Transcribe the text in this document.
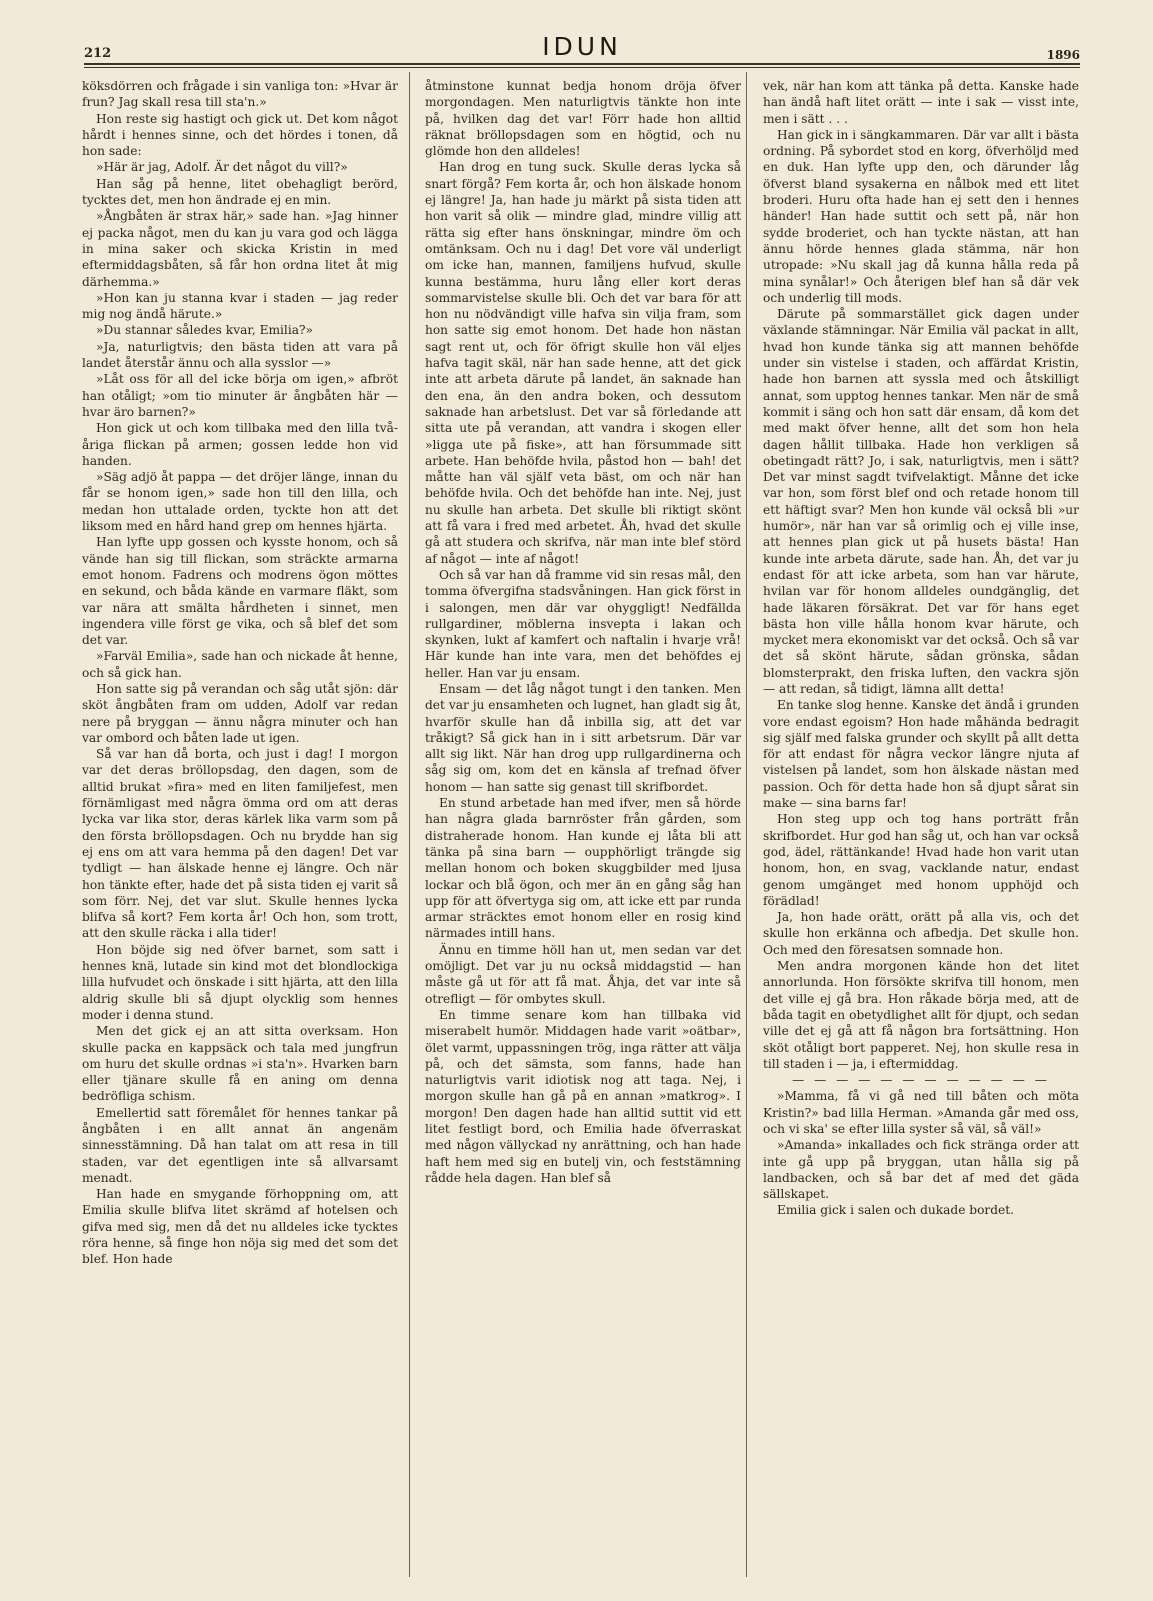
212	IDUN	1896

köksdörren och frågade i sin vanliga ton: »Hvar är frun? Jag skall resa till sta'n.»

Hon reste sig hastigt och gick ut. Det kom något hårdt i hennes sinne, och det hördes i tonen, då hon sade:

»Här är jag, Adolf. Är det något du vill?»

Han såg på henne, litet obehagligt berörd, tycktes det, men hon ändrade ej en min.

»Ångbåten är strax här,» sade han. »Jag hinner ej packa något, men du kan ju vara god och lägga in mina saker och skicka Kristin in med eftermiddagsbåten, så får hon ordna litet åt mig därhemma.»

»Hon kan ju stanna kvar i staden — jag reder mig nog ändå härute.»

»Du stannar således kvar, Emilia?»

»Ja, naturligtvis; den bästa tiden att vara på landet återstår ännu och alla sysslor —»

»Låt oss för all del icke börja om igen,» afbröt han otåligt; »om tio minuter är ångbåten här — hvar äro barnen?»

Hon gick ut och kom tillbaka med den lilla två-åriga flickan på armen; gossen ledde hon vid handen.

»Säg adjö åt pappa — det dröjer länge, innan du får se honom igen,» sade hon till den lilla, och medan hon uttalade orden, tyckte hon att det liksom med en hård hand grep om hennes hjärta.

Han lyfte upp gossen och kysste honom, och så vände han sig till flickan, som sträckte armarna emot honom. Fadrens och modrens ögon möttes en sekund, och båda kände en varmare fläkt, som var nära att smälta hårdheten i sinnet, men ingendera ville först ge vika, och så blef det som det var.

»Farväl Emilia», sade han och nickade åt henne, och så gick han.

Hon satte sig på verandan och såg utåt sjön: där sköt ångbåten fram om udden, Adolf var redan nere på bryggan — ännu några minuter och han var ombord och båten lade ut igen.

Så var han då borta, och just i dag! I morgon var det deras bröllopsdag, den dagen, som de alltid brukat »fira» med en liten familjefest, men förnämligast med några ömma ord om att deras lycka var lika stor, deras kärlek lika varm som på den första bröllopsdagen. Och nu brydde han sig ej ens om att vara hemma på den dagen! Det var tydligt — han älskade henne ej längre. Och när hon tänkte efter, hade det på sista tiden ej varit så som förr. Nej, det var slut. Skulle hennes lycka blifva så kort? Fem korta år! Och hon, som trott, att den skulle räcka i alla tider!

Hon böjde sig ned öfver barnet, som satt i hennes knä, lutade sin kind mot det blondlockiga lilla hufvudet och önskade i sitt hjärta, att den lilla aldrig skulle bli så djupt olycklig som hennes moder i denna stund.

Men det gick ej an att sitta overksam. Hon skulle packa en kappsäck och tala med jungfrun om huru det skulle ordnas »i sta'n». Hvarken barn eller tjänare skulle få en aning om denna bedröfliga schism.

Emellertid satt föremålet för hennes tankar på ångbåten i en allt annat än angenäm sinnesstämning. Då han talat om att resa in till staden, var det egentligen inte så allvarsamt menadt.

Han hade en smygande förhoppning om, att Emilia skulle blifva litet skrämd af hotelsen och gifva med sig, men då det nu alldeles icke tycktes röra henne, så finge hon nöja sig med det som det blef. Hon hade

åtminstone kunnat bedja honom dröja öfver morgondagen. Men naturligtvis tänkte hon inte på, hvilken dag det var! Förr hade hon alltid räknat bröllopsdagen som en högtid, och nu glömde hon den alldeles!

Han drog en tung suck. Skulle deras lycka så snart förgå? Fem korta år, och hon älskade honom ej längre! Ja, han hade ju märkt på sista tiden att hon varit så olik — mindre glad, mindre villig att rätta sig efter hans önskningar, mindre öm och omtänksam. Och nu i dag! Det vore väl underligt om icke han, mannen, familjens hufvud, skulle kunna bestämma, huru lång eller kort deras sommarvistelse skulle bli. Och det var bara för att hon nu nödvändigt ville hafva sin vilja fram, som hon satte sig emot honom. Det hade hon nästan sagt rent ut, och för öfrigt skulle hon väl eljes hafva tagit skäl, när han sade henne, att det gick inte att arbeta därute på landet, än saknade han den ena, än den andra boken, och dessutom saknade han arbetslust. Det var så förledande att sitta ute på verandan, att vandra i skogen eller »ligga ute på fiske», att han försummade sitt arbete. Han behöfde hvila, påstod hon — bah! det måtte han väl själf veta bäst, om och när han behöfde hvila. Och det behöfde han inte. Nej, just nu skulle han arbeta. Det skulle bli riktigt skönt att få vara i fred med arbetet. Åh, hvad det skulle gå att studera och skrifva, när man inte blef störd af något — inte af något!

Och så var han då framme vid sin resas mål, den tomma öfvergifna stadsvåningen. Han gick först in i salongen, men där var ohyggligt! Nedfällda rullgardiner, möblerna insvepta i lakan och skynken, lukt af kamfert och naftalin i hvarje vrå! Här kunde han inte vara, men det behöfdes ej heller. Han var ju ensam.

Ensam — det låg något tungt i den tanken. Men det var ju ensamheten och lugnet, han gladt sig åt, hvarför skulle han då inbilla sig, att det var tråkigt? Så gick han in i sitt arbetsrum. Där var allt sig likt. När han drog upp rullgardinerna och såg sig om, kom det en känsla af trefnad öfver honom — han satte sig genast till skrifbordet.

En stund arbetade han med ifver, men så hörde han några glada barnröster från gården, som distraherade honom. Han kunde ej låta bli att tänka på sina barn — oupphörligt trängde sig mellan honom och boken skuggbilder med ljusa lockar och blå ögon, och mer än en gång såg han upp för att öfvertyga sig om, att icke ett par runda armar sträcktes emot honom eller en rosig kind närmades intill hans.

Ännu en timme höll han ut, men sedan var det omöjligt. Det var ju nu också middagstid — han måste gå ut för att få mat. Åhja, det var inte så otrefligt — för ombytes skull.

En timme senare kom han tillbaka vid miserabelt humör. Middagen hade varit »oätbar», ölet varmt, uppassningen trög, inga rätter att välja på, och det sämsta, som fanns, hade han naturligtvis varit idiotisk nog att taga. Nej, i morgon skulle han gå på en annan »matkrog». I morgon! Den dagen hade han alltid suttit vid ett litet festligt bord, och Emilia hade öfverraskat med någon vällyckad ny anrättning, och han hade haft hem med sig en butelj vin, och feststämning rådde hela dagen. Han blef så

vek, när han kom att tänka på detta. Kanske hade han ändå haft litet orätt — inte i sak — visst inte, men i sätt . . .

Han gick in i sängkammaren. Där var allt i bästa ordning. På sybordet stod en korg, öfverhöljd med en duk. Han lyfte upp den, och därunder låg öfverst bland sysakerna en nålbok med ett litet broderi. Huru ofta hade han ej sett den i hennes händer! Han hade suttit och sett på, när hon sydde broderiet, och han tyckte nästan, att han ännu hörde hennes glada stämma, när hon utropade: »Nu skall jag då kunna hålla reda på mina synålar!» Och återigen blef han så där vek och underlig till mods.

Därute på sommarstället gick dagen under växlande stämningar. När Emilia väl packat in allt, hvad hon kunde tänka sig att mannen behöfde under sin vistelse i staden, och affärdat Kristin, hade hon barnen att syssla med och åtskilligt annat, som upptog hennes tankar. Men när de små kommit i säng och hon satt där ensam, då kom det med makt öfver henne, allt det som hon hela dagen hållit tillbaka. Hade hon verkligen så obetingadt rätt? Jo, i sak, naturligtvis, men i sätt? Det var minst sagdt tvifvelaktigt. Månne det icke var hon, som först blef ond och retade honom till ett häftigt svar? Men hon kunde väl också bli »ur humör», när han var så orimlig och ej ville inse, att hennes plan gick ut på husets bästa! Han kunde inte arbeta därute, sade han. Åh, det var ju endast för att icke arbeta, som han var härute, hvilan var för honom alldeles oundgänglig, det hade läkaren försäkrat. Det var för hans eget bästa hon ville hålla honom kvar härute, och mycket mera ekonomiskt var det också. Och så var det så skönt härute, sådan grönska, sådan blomsterprakt, den friska luften, den vackra sjön — att redan, så tidigt, lämna allt detta!

En tanke slog henne. Kanske det ändå i grunden vore endast egoism? Hon hade måhända bedragit sig själf med falska grunder och skyllt på allt detta för att endast för några veckor längre njuta af vistelsen på landet, som hon älskade nästan med passion. Och för detta hade hon så djupt sårat sin make — sina barns far!

Hon steg upp och tog hans porträtt från skrifbordet. Hur god han såg ut, och han var också god, ädel, rättänkande! Hvad hade hon varit utan honom, hon, en svag, vacklande natur, endast genom umgänget med honom upphöjd och förädlad!

Ja, hon hade orätt, orätt på alla vis, och det skulle hon erkänna och afbedja. Det skulle hon. Och med den föresatsen somnade hon.

Men andra morgonen kände hon det litet annorlunda. Hon försökte skrifva till honom, men det ville ej gå bra. Hon råkade börja med, att de båda tagit en obetydlighet allt för djupt, och sedan ville det ej gå att få någon bra fortsättning. Hon sköt otåligt bort papperet. Nej, hon skulle resa in till staden i — ja, i eftermiddag.

— — — — — — — — — — — —

»Mamma, få vi gå ned till båten och möta Kristin?» bad lilla Herman. »Amanda går med oss, och vi ska' se efter lilla syster så väl, så väl!»

»Amanda» inkallades och fick stränga order att inte gå upp på bryggan, utan hålla sig på landbacken, och så bar det af med det gäda sällskapet.

Emilia gick i salen och dukade bordet.
